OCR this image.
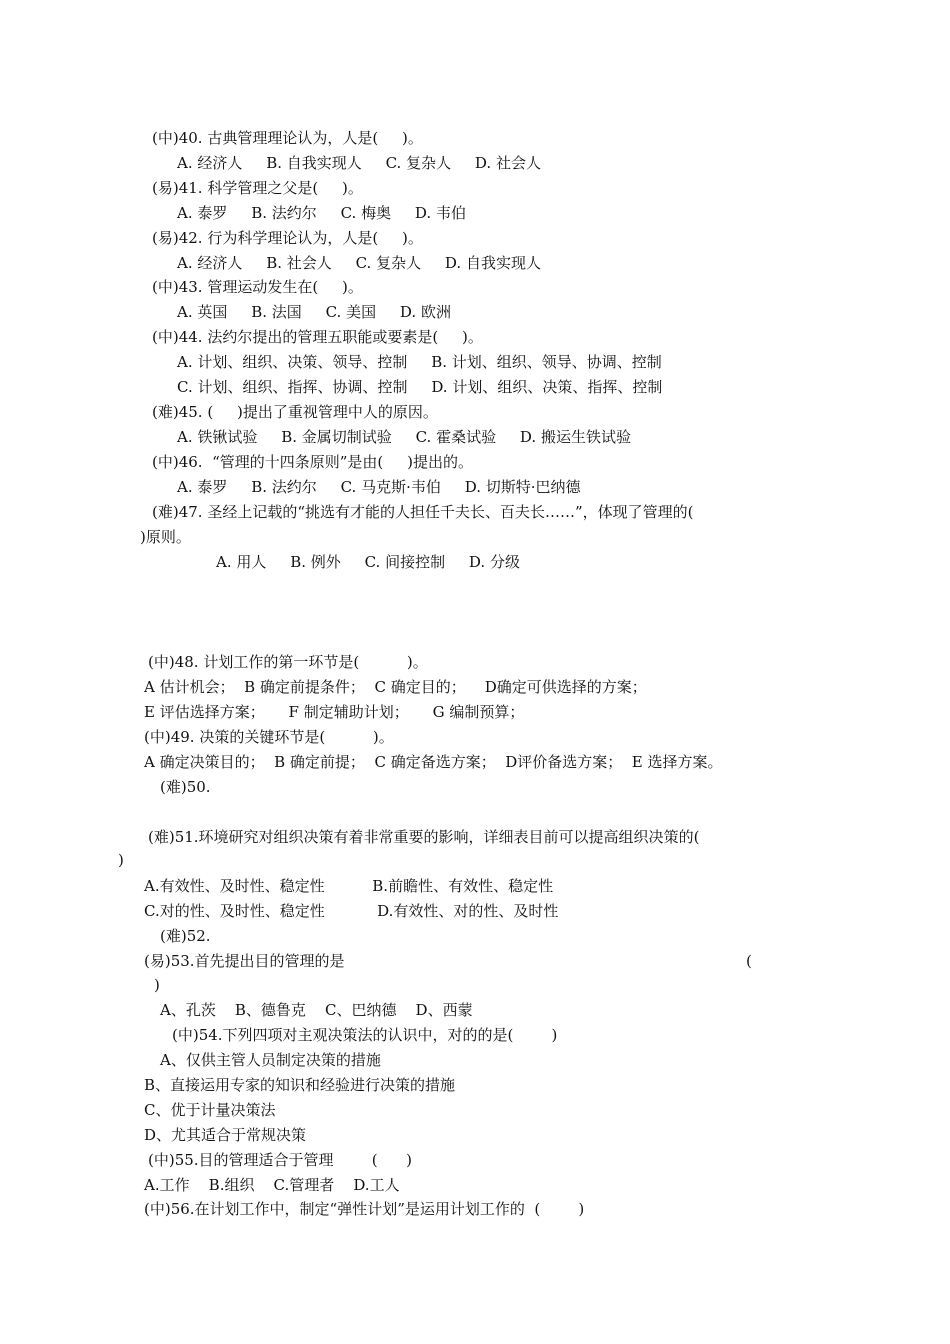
(中)40. 古典管理理论认为，人是(     )。
A. 经济人     B. 自我实现人     C. 复杂人     D. 社会人
(易)41. 科学管理之父是(     )。
A. 泰罗     B. 法约尔     C. 梅奥     D. 韦伯
(易)42. 行为科学理论认为，人是(     )。
A. 经济人     B. 社会人     C. 复杂人     D. 自我实现人
(中)43. 管理运动发生在(     )。
A. 英国     B. 法国     C. 美国     D. 欧洲
(中)44. 法约尔提出的管理五职能或要素是(     )。
A. 计划、组织、决策、领导、控制     B. 计划、组织、领导、协调、控制
C. 计划、组织、指挥、协调、控制     D. 计划、组织、决策、指挥、控制
(难)45. (     )提出了重视管理中人的原因。
A. 铁锹试验     B. 金属切制试验     C. 霍桑试验     D. 搬运生铁试验
(中)46.  “管理的十四条原则”是由(     )提出的。
A. 泰罗     B. 法约尔     C. 马克斯·韦伯     D. 切斯特·巴纳德
(难)47. 圣经上记载的“挑选有才能的人担任千夫长、百夫长……”，体现了管理的(
)原则。
A. 用人     B. 例外     C. 间接控制     D. 分级
(中)48. 计划工作的第一环节是(          )。
A 估计机会；  B 确定前提条件；  C 确定目的；    D确定可供选择的方案；
E 评估选择方案；     F 制定辅助计划；     G 编制预算；
(中)49. 决策的关键环节是(          )。
A 确定决策目的；  B 确定前提；  C 确定备选方案；  D评价备选方案；  E 选择方案。
(难)50.
(难)51.环境研究对组织决策有着非常重要的影响，详细表目前可以提高组织决策的(
)
A.有效性、及时性、稳定性          B.前瞻性、有效性、稳定性
C.对的性、及时性、稳定性           D.有效性、对的性、及时性
(难)52.
(易)53.首先提出目的管理的是	(
)
A、孔茨    B、德鲁克    C、巴纳德    D、西蒙
(中)54.下列四项对主观决策法的认识中，对的的是(        )
A、仅供主管人员制定决策的措施
B、直接运用专家的知识和经验进行决策的措施
C、优于计量决策法
D、尤其适合于常规决策
(中)55.目的管理适合于管理        (      )
A.工作    B.组织    C.管理者    D.工人
(中)56.在计划工作中，制定“弹性计划”是运用计划工作的  (        )
